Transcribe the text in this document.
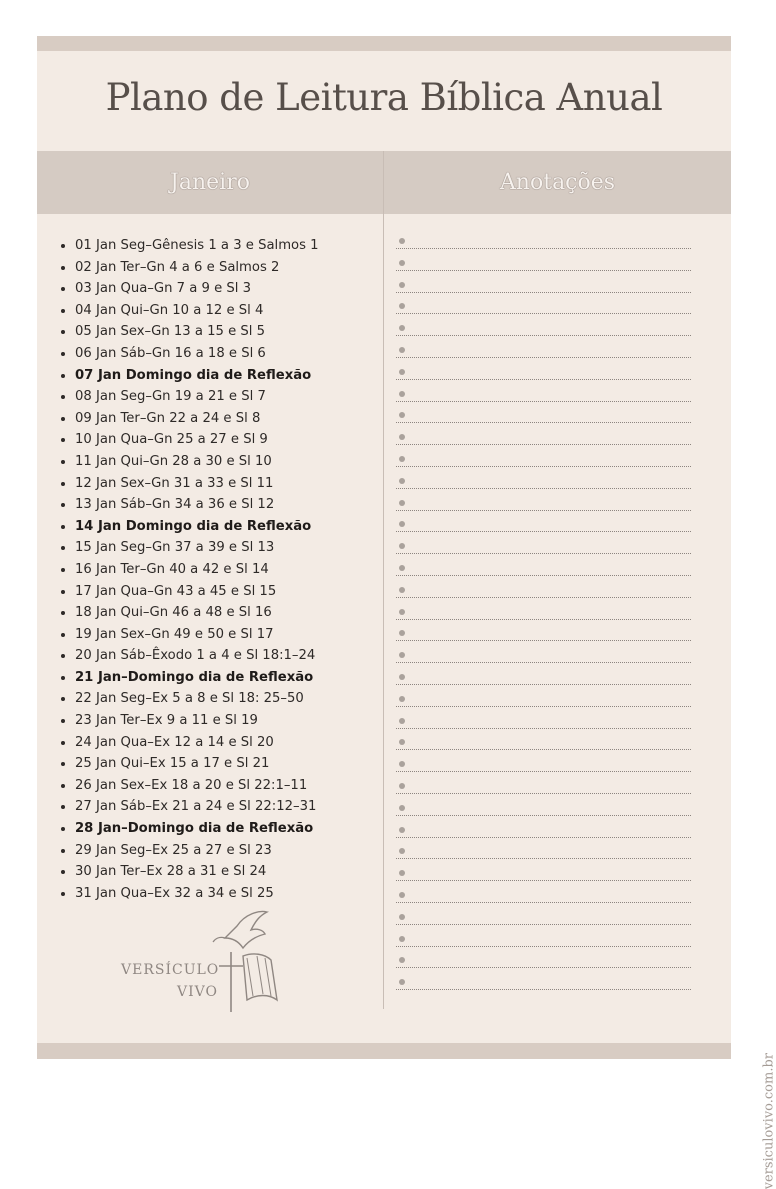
Plano de Leitura Bíblica Anual
Janeiro	Anotações
01 Jan Seg–Gênesis 1 a 3 e Salmos 1
02 Jan Ter–Gn 4 a 6 e Salmos 2
03 Jan Qua–Gn 7 a 9 e Sl 3
04 Jan Qui–Gn 10 a 12 e Sl 4
05 Jan Sex–Gn 13 a 15 e Sl 5
06 Jan Sáb–Gn 16 a 18 e Sl 6
07 Jan Domingo dia de Reflexão
08 Jan Seg–Gn 19 a 21 e Sl 7
09 Jan Ter–Gn 22 a 24 e Sl 8
10 Jan Qua–Gn 25 a 27 e Sl 9
11 Jan Qui–Gn 28 a 30 e Sl 10
12 Jan Sex–Gn 31 a 33 e Sl 11
13 Jan Sáb–Gn 34 a 36 e Sl 12
14 Jan Domingo dia de Reflexão
15 Jan Seg–Gn 37 a 39 e Sl 13
16 Jan Ter–Gn 40 a 42 e Sl 14
17 Jan Qua–Gn 43 a 45 e Sl 15
18 Jan Qui–Gn 46 a 48 e Sl 16
19 Jan Sex–Gn 49 e 50 e Sl 17
20 Jan Sáb–Êxodo 1 a 4 e Sl 18:1–24
21 Jan–Domingo dia de Reflexão
22 Jan Seg–Ex 5 a 8 e Sl 18: 25–50
23 Jan Ter–Ex 9 a 11 e Sl 19
24 Jan Qua–Ex 12 a 14 e Sl 20
25 Jan Qui–Ex 15 a 17 e Sl 21
26 Jan Sex–Ex 18 a 20 e Sl 22:1–11
27 Jan Sáb–Ex 21 a 24 e Sl 22:12–31
28 Jan–Domingo dia de Reflexão
29 Jan Seg–Ex 25 a 27 e Sl 23
30 Jan Ter–Ex 28 a 31 e Sl 24
31 Jan Qua–Ex 32 a 34 e Sl 25
VERSÍCULO
VIVO
versiculovivo.com.br
